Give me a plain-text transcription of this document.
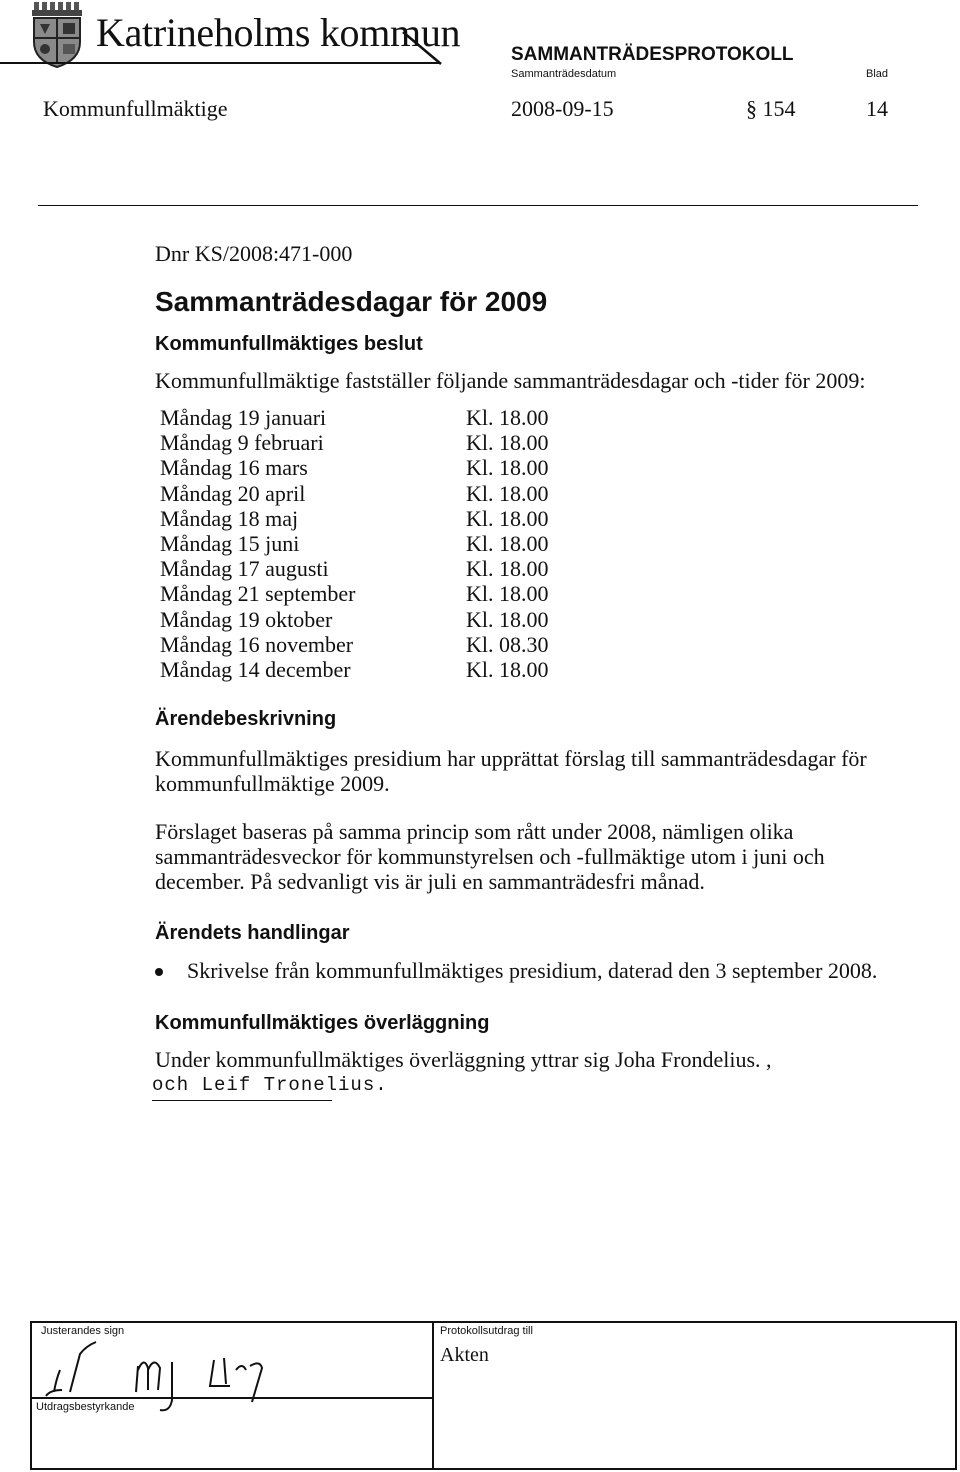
Katrineholms kommun	SAMMANTRÄDESPROTOKOLL
Sammanträdesdatum	Blad
Kommunfullmäktige	2008-09-15	§ 154	14
Dnr KS/2008:471-000
Sammanträdesdagar för 2009
Kommunfullmäktiges beslut
Kommunfullmäktige fastställer följande sammanträdesdagar och -tider för 2009:
Måndag 19 januari	Kl. 18.00
Måndag 9 februari	Kl. 18.00
Måndag 16 mars	Kl. 18.00
Måndag 20 april	Kl. 18.00
Måndag 18 maj	Kl. 18.00
Måndag 15 juni	Kl. 18.00
Måndag 17 augusti	Kl. 18.00
Måndag 21 september	Kl. 18.00
Måndag 19 oktober	Kl. 18.00
Måndag 16 november	Kl. 08.30
Måndag 14 december	Kl. 18.00
Ärendebeskrivning
Kommunfullmäktiges presidium har upprättat förslag till sammanträdesdagar för kommunfullmäktige 2009.
Förslaget baseras på samma princip som rått under 2008, nämligen olika sammanträdesveckor för kommunstyrelsen och -fullmäktige utom i juni och december. På sedvanligt vis är juli en sammanträdesfri månad.
Ärendets handlingar
Skrivelse från kommunfullmäktiges presidium, daterad den 3 september 2008.
Kommunfullmäktiges överläggning
Under kommunfullmäktiges överläggning yttrar sig Joha Frondelius. ,
och Leif Tronelius.
Justerandes sign
Utdragsbestyrkande
Protokollsutdrag till
Akten
